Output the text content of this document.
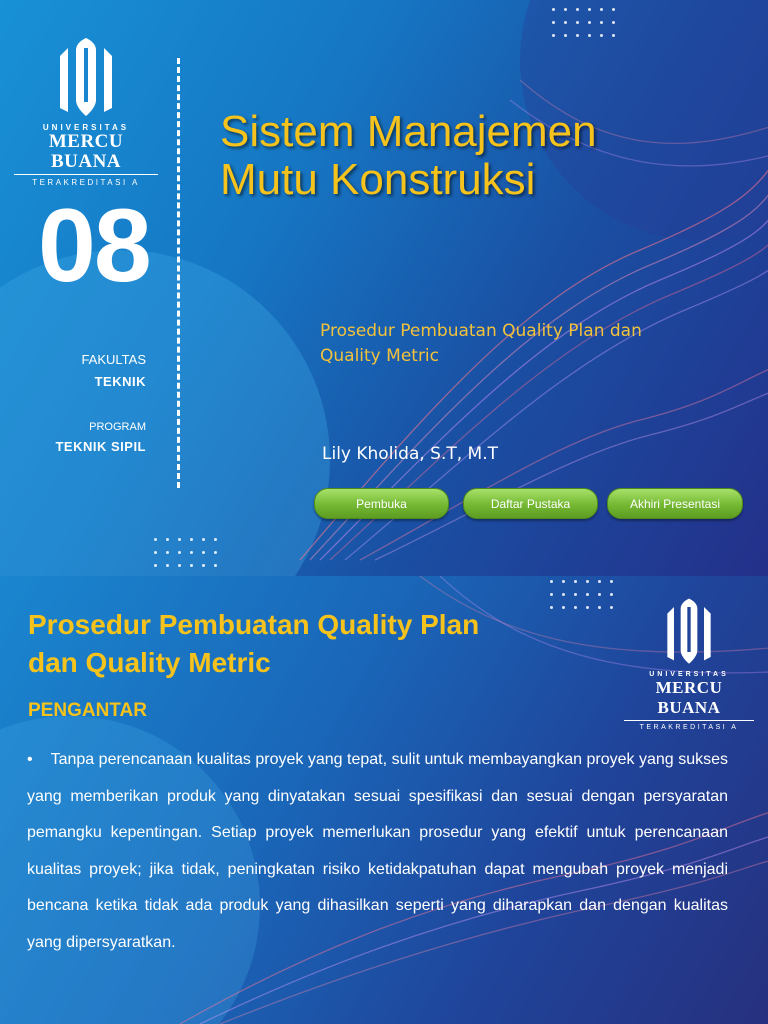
UNIVERSITAS
MERCU BUANA
TERAKREDITASI A
08
FAKULTAS
TEKNIK
PROGRAM
TEKNIK SIPIL
Sistem Manajemen
Mutu Konstruksi
Prosedur Pembuatan Quality Plan dan
Quality Metric
Lily Kholida, S.T, M.T
Pembuka	Daftar Pustaka	Akhiri Presentasi
UNIVERSITAS
MERCU BUANA
TERAKREDITASI A
Prosedur Pembuatan Quality Plan
dan Quality Metric
PENGANTAR

• Tanpa perencanaan kualitas proyek yang tepat, sulit untuk membayangkan proyek yang sukses yang memberikan produk yang dinyatakan sesuai spesifikasi dan sesuai dengan persyaratan pemangku kepentingan. Setiap proyek memerlukan prosedur yang efektif untuk perencanaan kualitas proyek; jika tidak, peningkatan risiko ketidakpatuhan dapat mengubah proyek menjadi bencana ketika tidak ada produk yang dihasilkan seperti yang diharapkan dan dengan kualitas yang dipersyaratkan.
